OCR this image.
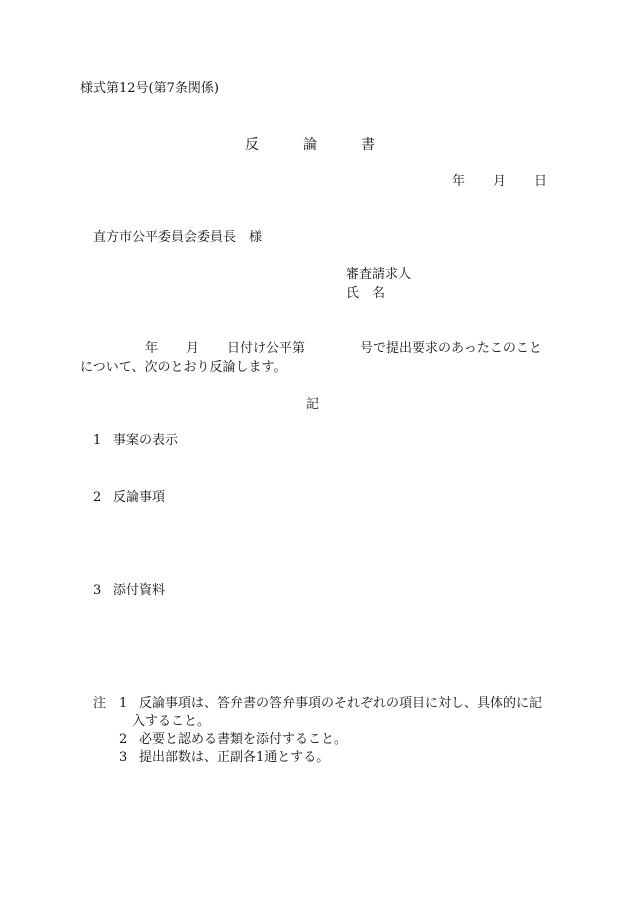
様式第12号(第7条関係)
反	論	書
年 月 日
直方市公平委員会委員長　様
審査請求人
氏　名
年 月 日付け公平第	号で提出要求のあったこのこと
について、次のとおり反論します。
記
1 事案の表示
2 反論事項
3 添付資料
注 1 反論事項は、答弁書の答弁事項のそれぞれの項目に対し、具体的に記
入すること。
2 必要と認める書類を添付すること。
3 提出部数は、正副各1通とする。
